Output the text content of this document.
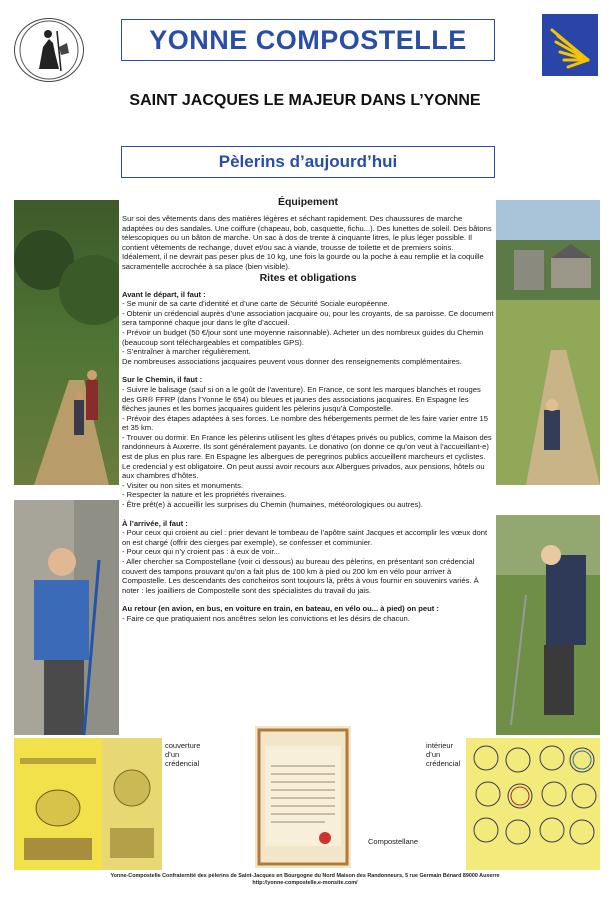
YONNE COMPOSTELLE
SAINT JACQUES LE MAJEUR DANS L’YONNE
Pèlerins d’aujourd’hui
couverture
d’un
crédencial
Compostellane
intérieur
d’un
crédencial
Équipement

Sur soi des vêtements dans des matières légères et séchant rapidement. Des chaussures de marche adaptées ou des sandales. Une coiffure (chapeau, bob, casquette, fichu...). Des lunettes de soleil. Des bâtons télescopiques ou un bâton de marche. Un sac à dos de trente à cinquante litres, le plus léger possible. Il contient vêtements de rechange, duvet et/ou sac à viande, trousse de toilette et de premiers soins. Idéalement, il ne devrait pas peser plus de 10 kg, une fois la gourde ou la poche à eau remplie et la coquille sacramentelle accrochée à sa place (bien visible).

Rites et obligations

Avant le départ, il faut :

- Se munir de sa carte d’identité et d’une carte de Sécurité Sociale européenne.

- Obtenir un crédencial auprès d’une association jacquaire ou, pour les croyants, de sa paroisse. Ce document sera tamponné chaque jour dans le gîte d’accueil.

- Prévoir un budget (50 €/jour sont une moyenne raisonnable). Acheter un des nombreux guides du Chemin (beaucoup sont téléchargeables et compatibles GPS).

- S’entraîner à marcher régulièrement.

De nombreuses associations jacquaires peuvent vous donner des renseignements complémentaires.

Sur le Chemin, il faut :

- Suivre le balisage (sauf si on a le goût de l’aventure). En France, ce sont les marques blanches et rouges des GR® FFRP (dans l’Yonne le 654) ou bleues et jaunes des associations jacquaires. En Espagne les flèches jaunes et les bornes jacquaires guident les pèlerins jusqu’à Compostelle.

- Prévoir des étapes adaptées à ses forces. Le nombre des hébergements permet de les faire varier entre 15 et 35 km.

- Trouver ou dormir. En France les pèlerins utilisent les gîtes d’étapes privés ou publics, comme la Maison des randonneurs à Auxerre. Ils sont généralement payants. Le donativo (on donne ce qu’on veut à l’accueillant-e) est de plus en plus rare. En Espagne les albergues de peregrinos publics accueillent marcheurs et cyclistes. Le credencial y est obligatoire. On peut aussi avoir recours aux Albergues privados, aux pensions, hôtels ou aux chambres d’hôtes.

- Visiter ou non sites et monuments.

- Respecter la nature et les propriétés riveraines.

- Être prêt(e) à accueillir les surprises du Chemin (humaines, météorologiques ou autres).

À l’arrivée, il faut :

- Pour ceux qui croient au ciel : prier devant le tombeau de l’apôtre saint Jacques et accomplir les vœux dont on est chargé (offrir des cierges par exemple), se confesser et communier.

- Pour ceux qui n’y croient pas : à eux de voir...

- Aller chercher sa Compostellane (voir ci dessous) au bureau des pèlerins, en présentant son crédencial couvert des tampons prouvant qu’on a fait plus de 100 km à pied ou 200 km en vélo pour arriver à Compostelle. Les descendants des concheiros sont toujours là, prêts à vous fournir en souvenirs variés. À noter : les joailliers de Compostelle sont des spécialistes du travail du jais.

Au retour (en avion, en bus, en voiture en train, en bateau, en vélo ou... à pied) on peut :

- Faire ce que pratiquaient nos ancêtres selon les convictions et les désirs de chacun.

Yonne-Compostelle Confraternité des pèlerins de Saint-Jacques en Bourgogne du Nord Maison des Randonneurs, 5 rue Germain Bénard 89000 Auxerre
http://yonne-compostelle.e-monsite.com/
